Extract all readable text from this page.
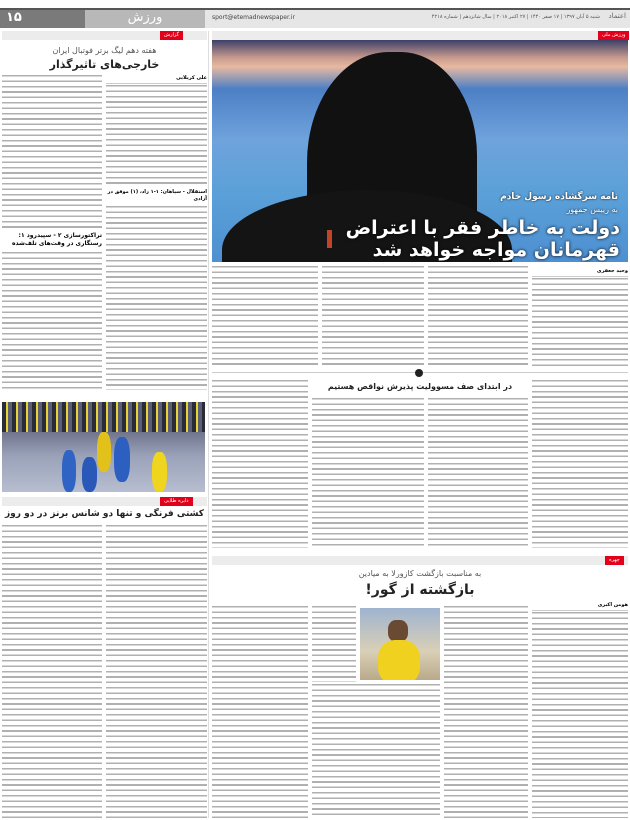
۱۵	ورزش	sport@etemadnewspaper.ir	شنبه ۵ آبان ۱۳۹۷ | ۱۷ صفر ۱۴۴۰ | ۲۷ اکتبر ۲۰۱۸ | سال شانزدهم | شماره ۴۲۱۸ اعتماد
گزارش
هفته دهم لیگ برتر فوتبال ایران
خارجی‌های تاثیرگذار
علی کربلایی
استقلال - سپاهان: ۱-۱ زاد، (۱) موفق در آزادی
تراکتورسازی ۲ - سپیدرود ۱: رستگاری در وقت‌های تلف‌شده
دایره طلایی
کشتی فرنگی و تنها دو شانس برنز در دو روز
ورزش ملی
نامه سرگشاده رسول خادم
به رییس جمهور
دولت به خاطر فقر با اعتراض
قهرمانان مواجه خواهد شد
وحید جعفری
در ابتدای صف مسوولیت پذیرش نواقص هستیم
چهره
به مناسبت بازگشت کازورلا به میادین
بازگشته از گور!
هومن اکبری
